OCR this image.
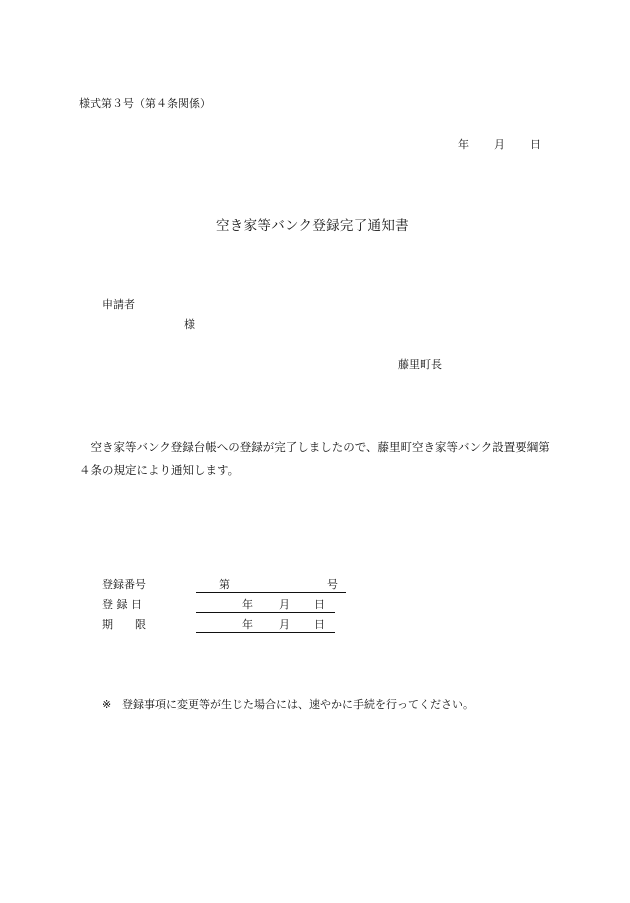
様式第３号（第４条関係）
年 月 日
空き家等バンク登録完了通知書
申請者
様
藤里町長
　空き家等バンク登録台帳への登録が完了しましたので、藤里町空き家等バンク設置要綱第４条の規定により通知します。
登録番号	第	号
登 録 日	年 月 日
期　　限	年 月 日
※ 登録事項に変更等が生じた場合には、速やかに手続を行ってください。
